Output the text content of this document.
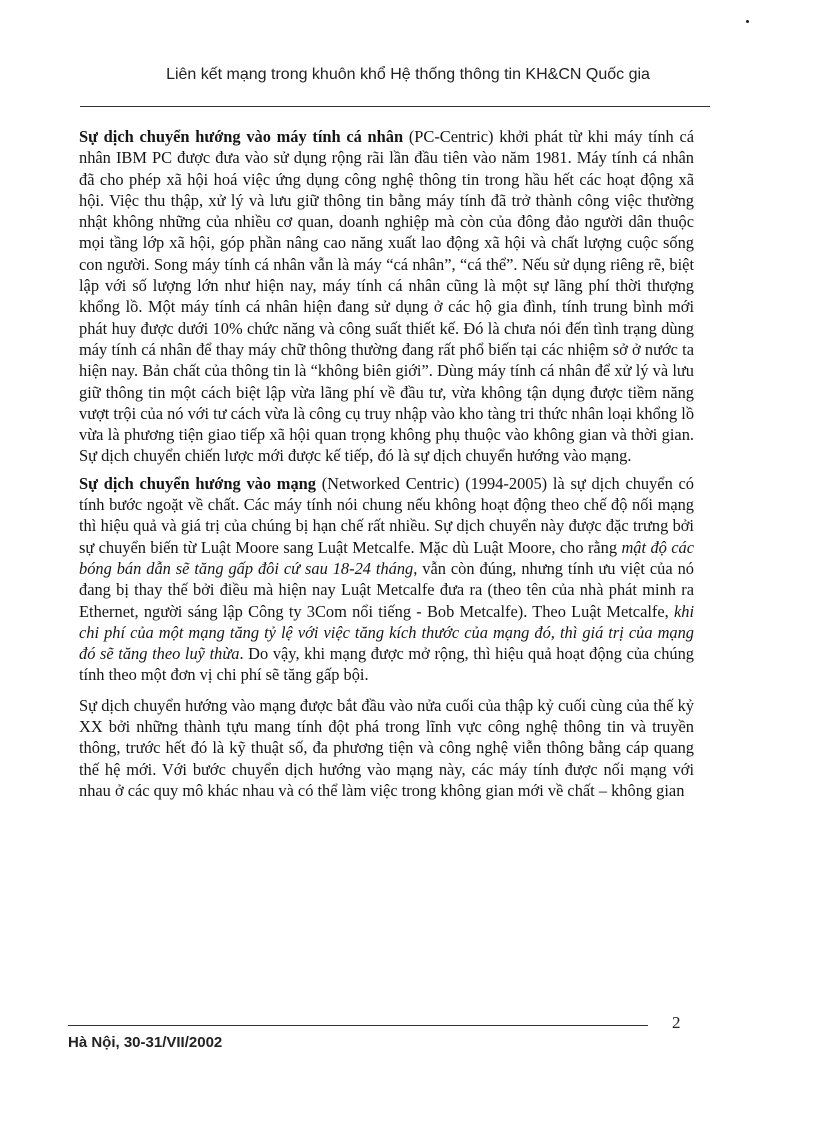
Liên kết mạng trong khuôn khổ Hệ thống thông tin KH&CN Quốc gia

Sự dịch chuyển hướng vào máy tính cá nhân (PC-Centric) khởi phát từ khi máy tính cá nhân IBM PC được đưa vào sử dụng rộng rãi lần đầu tiên vào năm 1981. Máy tính cá nhân đã cho phép xã hội hoá việc ứng dụng công nghệ thông tin trong hầu hết các hoạt động xã hội. Việc thu thập, xử lý và lưu giữ thông tin bằng máy tính đã trở thành công việc thường nhật không những của nhiều cơ quan, doanh nghiệp mà còn của đông đảo người dân thuộc mọi tầng lớp xã hội, góp phần nâng cao năng xuất lao động xã hội và chất lượng cuộc sống con người. Song máy tính cá nhân vẫn là máy “cá nhân”, “cá thể”. Nếu sử dụng riêng rẽ, biệt lập với số lượng lớn như hiện nay, máy tính cá nhân cũng là một sự lãng phí thời thượng khổng lồ. Một máy tính cá nhân hiện đang sử dụng ở các hộ gia đình, tính trung bình mới phát huy được dưới 10% chức năng và công suất thiết kế. Đó là chưa nói đến tình trạng dùng máy tính cá nhân để thay máy chữ thông thường đang rất phổ biến tại các nhiệm sở ở nước ta hiện nay. Bản chất của thông tin là “không biên giới”. Dùng máy tính cá nhân để xử lý và lưu giữ thông tin một cách biệt lập vừa lãng phí về đầu tư, vừa không tận dụng được tiềm năng vượt trội của nó với tư cách vừa là công cụ truy nhập vào kho tàng tri thức nhân loại khổng lồ vừa là phương tiện giao tiếp xã hội quan trọng không phụ thuộc vào không gian và thời gian. Sự dịch chuyển chiến lược mới được kế tiếp, đó là sự dịch chuyển hướng vào mạng.

Sự dịch chuyển hướng vào mạng (Networked Centric) (1994-2005) là sự dịch chuyển có tính bước ngoặt về chất. Các máy tính nói chung nếu không hoạt động theo chế độ nối mạng thì hiệu quả và giá trị của chúng bị hạn chế rất nhiều. Sự dịch chuyển này được đặc trưng bởi sự chuyển biến từ Luật Moore sang Luật Metcalfe. Mặc dù Luật Moore, cho rằng mật độ các bóng bán dẫn sẽ tăng gấp đôi cứ sau 18-24 tháng, vẫn còn đúng, nhưng tính ưu việt của nó đang bị thay thế bởi điều mà hiện nay Luật Metcalfe đưa ra (theo tên của nhà phát minh ra Ethernet, người sáng lập Công ty 3Com nổi tiếng - Bob Metcalfe). Theo Luật Metcalfe, khi chi phí của một mạng tăng tỷ lệ với việc tăng kích thước của mạng đó, thì giá trị của mạng đó sẽ tăng theo luỹ thừa. Do vậy, khi mạng được mở rộng, thì hiệu quả hoạt động của chúng tính theo một đơn vị chi phí sẽ tăng gấp bội.

Sự dịch chuyển hướng vào mạng được bắt đầu vào nửa cuối của thập kỷ cuối cùng của thế kỷ XX bởi những thành tựu mang tính đột phá trong lĩnh vực công nghệ thông tin và truyền thông, trước hết đó là kỹ thuật số, đa phương tiện và công nghệ viễn thông bằng cáp quang thế hệ mới. Với bước chuyển dịch hướng vào mạng này, các máy tính được nối mạng với nhau ở các quy mô khác nhau và có thể làm việc trong không gian mới về chất – không gian

2
Hà Nội, 30-31/VII/2002
